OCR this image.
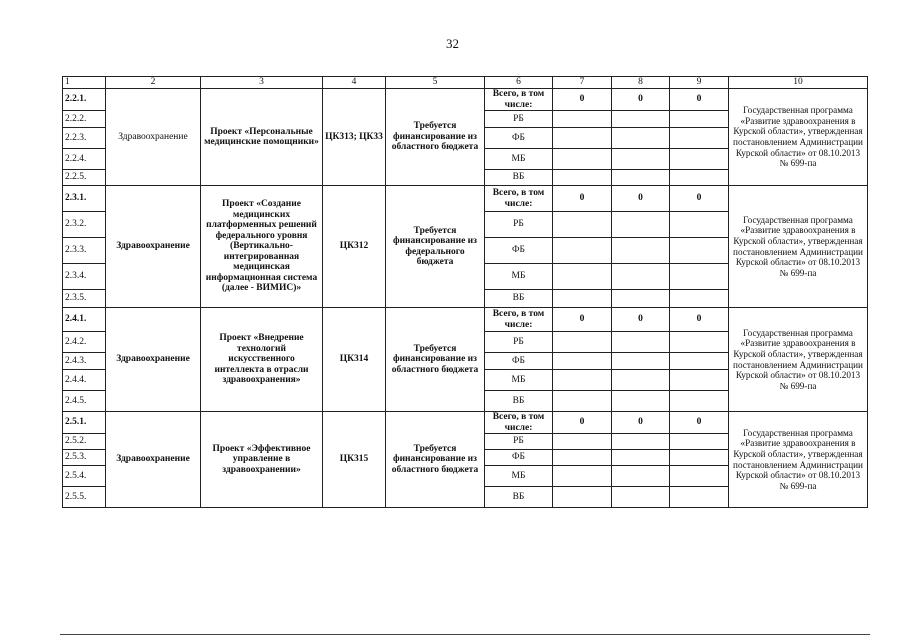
32
1	2	3	4	5	6	7	8	9	10
2.2.1.	Здравоохранение	Проект «Персональные медицинские помощники»	ЦК313; ЦК33	Требуется финансирование из областного бюджета	Всего, в том числе:	0	0	0	Государственная программа «Развитие здравоохранения в Курской области», утвержденная постановлением Администрации Курской области» от 08.10.2013 № 699-па
2.2.2.					РБ				
2.2.3.					ФБ				
2.2.4.					МБ				
2.2.5.					ВБ				
2.3.1.	Здравоохранение	Проект «Создание медицинских платформенных решений федерального уровня (Вертикально-интегрированная медицинская информационная система (далее - ВИМИС)»	ЦК312	Требуется финансирование из федерального бюджета	Всего, в том числе:	0	0	0	Государственная программа «Развитие здравоохранения в Курской области», утвержденная постановлением Администрации Курской области» от 08.10.2013 № 699-па
2.3.2.					РБ				
2.3.3.					ФБ				
2.3.4.					МБ				
2.3.5.					ВБ				
2.4.1.	Здравоохранение	Проект «Внедрение технологий искусственного интеллекта в отрасли здравоохранения»	ЦК314	Требуется финансирование из областного бюджета	Всего, в том числе:	0	0	0	Государственная программа «Развитие здравоохранения в Курской области», утвержденная постановлением Администрации Курской области» от 08.10.2013 № 699-па
2.4.2.					РБ				
2.4.3.					ФБ				
2.4.4.					МБ				
2.4.5.					ВБ				
2.5.1.	Здравоохранение	Проект «Эффективное управление в здравоохранении»	ЦК315	Требуется финансирование из областного бюджета	Всего, в том числе:	0	0	0	Государственная программа «Развитие здравоохранения в Курской области», утвержденная постановлением Администрации Курской области» от 08.10.2013 № 699-па
2.5.2.					РБ				
2.5.3.					ФБ				
2.5.4.					МБ				
2.5.5.					ВБ				
